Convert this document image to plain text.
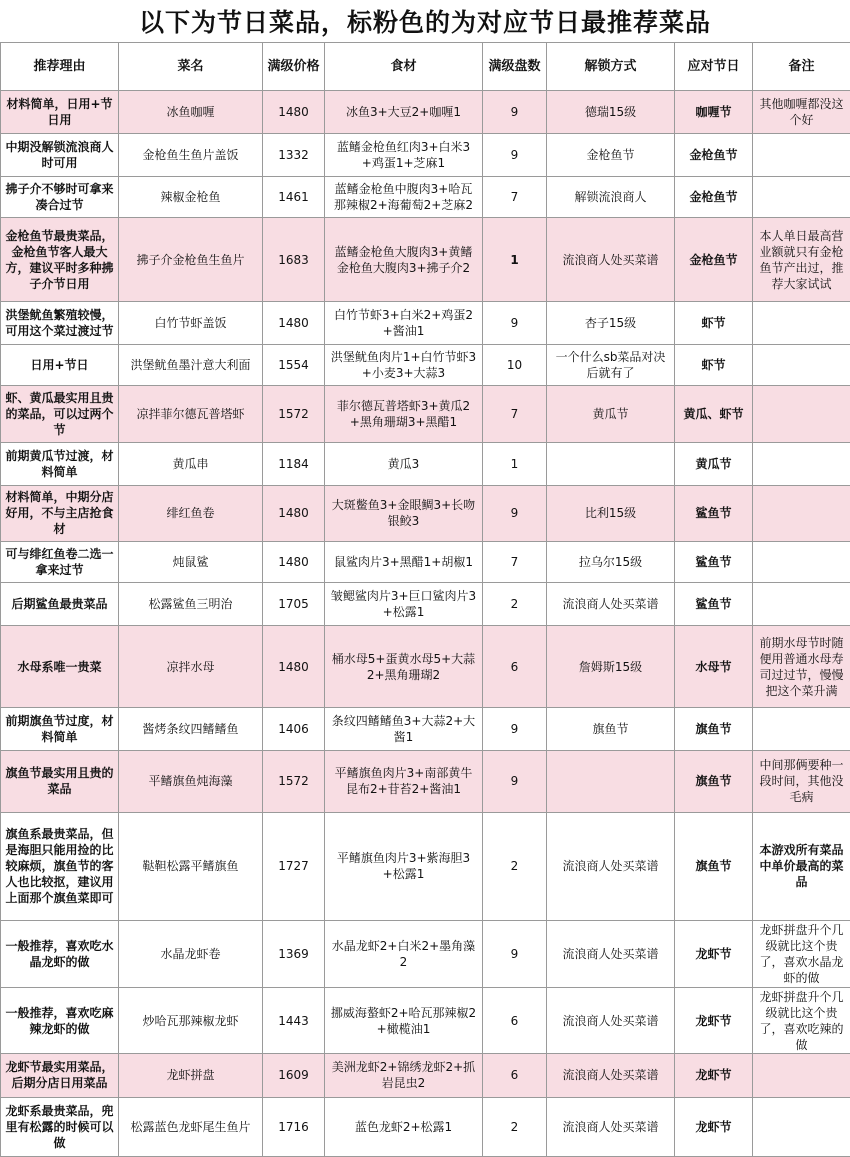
以下为节日菜品，标粉色的为对应节日最推荐菜品
推荐理由	菜名	满级价格	食材	满级盘数	解锁方式	应对节日	备注
材料简单，日用+节日用	冰鱼咖喱	1480	冰鱼3+大豆2+咖喱1	9	德瑞15级	咖喱节	其他咖喱都没这个好
中期没解锁流浪商人时可用	金枪鱼生鱼片盖饭	1332	蓝鳍金枪鱼红肉3+白米3+鸡蛋1+芝麻1	9	金枪鱼节	金枪鱼节	
拂子介不够时可拿来凑合过节	辣椒金枪鱼	1461	蓝鳍金枪鱼中腹肉3+哈瓦那辣椒2+海葡萄2+芝麻2	7	解锁流浪商人	金枪鱼节	
金枪鱼节最贵菜品，金枪鱼节客人最大方，建议平时多种拂子介节日用	拂子介金枪鱼生鱼片	1683	蓝鳍金枪鱼大腹肉3+黄鳍金枪鱼大腹肉3+拂子介2	1	流浪商人处买菜谱	金枪鱼节	本人单日最高营业额就只有金枪鱼节产出过，推荐大家试试
洪堡鱿鱼繁殖较慢，可用这个菜过渡过节	白竹节虾盖饭	1480	白竹节虾3+白米2+鸡蛋2+酱油1	9	杏子15级	虾节	
日用+节日	洪堡鱿鱼墨汁意大利面	1554	洪堡鱿鱼肉片1+白竹节虾3+小麦3+大蒜3	10	一个什么sb菜品对决后就有了	虾节	
虾、黄瓜最实用且贵的菜品，可以过两个节	凉拌菲尔德瓦普塔虾	1572	菲尔德瓦普塔虾3+黄瓜2+黑角珊瑚3+黑醋1	7	黄瓜节	黄瓜、虾节	
前期黄瓜节过渡，材料简单	黄瓜串	1184	黄瓜3	1		黄瓜节	
材料简单，中期分店好用，不与主店抢食材	绯红鱼卷	1480	大斑鳖鱼3+金眼鲷3+长吻银鲛3	9	比利15级	鲨鱼节	
可与绯红鱼卷二选一拿来过节	炖鼠鲨	1480	鼠鲨肉片3+黑醋1+胡椒1	7	拉乌尔15级	鲨鱼节	
后期鲨鱼最贵菜品	松露鲨鱼三明治	1705	皱鳃鲨肉片3+巨口鲨肉片3+松露1	2	流浪商人处买菜谱	鲨鱼节	
水母系唯一贵菜	凉拌水母	1480	桶水母5+蛋黄水母5+大蒜2+黑角珊瑚2	6	詹姆斯15级	水母节	前期水母节时随便用普通水母寿司过过节，慢慢把这个菜升满
前期旗鱼节过度，材料简单	酱烤条纹四鳍鳍鱼	1406	条纹四鳍鳍鱼3+大蒜2+大酱1	9	旗鱼节	旗鱼节	
旗鱼节最实用且贵的菜品	平鳍旗鱼炖海藻	1572	平鳍旗鱼肉片3+南部黄牛昆布2+苷苔2+酱油1	9		旗鱼节	中间那俩要种一段时间，其他没毛病
旗鱼系最贵菜品，但是海胆只能用捡的比较麻烦，旗鱼节的客人也比较抠，建议用上面那个旗鱼菜即可	鞑靼松露平鳍旗鱼	1727	平鳍旗鱼肉片3+紫海胆3+松露1	2	流浪商人处买菜谱	旗鱼节	本游戏所有菜品中单价最高的菜品
一般推荐，喜欢吃水晶龙虾的做	水晶龙虾卷	1369	水晶龙虾2+白米2+墨角藻2	9	流浪商人处买菜谱	龙虾节	龙虾拼盘升个几级就比这个贵了，喜欢水晶龙虾的做
一般推荐，喜欢吃麻辣龙虾的做	炒哈瓦那辣椒龙虾	1443	挪威海螯虾2+哈瓦那辣椒2+橄榄油1	6	流浪商人处买菜谱	龙虾节	龙虾拼盘升个几级就比这个贵了，喜欢吃辣的做
龙虾节最实用菜品，后期分店日用菜品	龙虾拼盘	1609	美洲龙虾2+锦绣龙虾2+抓岩昆虫2	6	流浪商人处买菜谱	龙虾节	
龙虾系最贵菜品，兜里有松露的时候可以做	松露蓝色龙虾尾生鱼片	1716	蓝色龙虾2+松露1	2	流浪商人处买菜谱	龙虾节	
